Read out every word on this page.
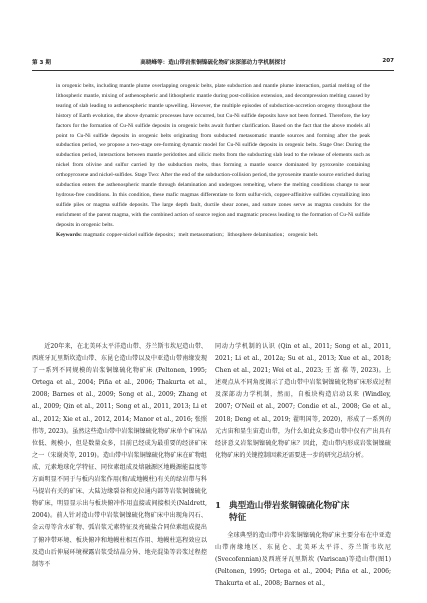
第 3 期	高晓峰等：造山带岩浆铜镍硫化物矿床深部动力学机制探讨	207
in orogenic belts, including mantle plume overlapping orogenic belts, plate subduction and mantle plume interaction, partial melting of the lithospheric mantle, mixing of asthenospheric and lithospheric mantle during post-collision extension, and decompression melting caused by tearing of slab leading to asthenospheric mantle upwelling. However, the multiple episodes of subduction-accretion orogeny throughout the history of Earth evolution, the above dynamic processes have occurred, but Cu-Ni sulfide deposits have not been formed. Therefore, the key factors for the formation of Cu-Ni sulfide deposits in orogenic belts await further clarification. Based on the fact that the above models all point to Cu-Ni sulfide deposits in orogenic belts originating from subducted metasomatic mantle sources and forming after the peak subduction period, we propose a two-stage ore-forming dynamic model for Cu-Ni sulfide deposits in orogenic belts. Stage One: During the subduction period, interactions between mantle peridotites and silicic melts from the subducting slab lead to the release of elements such as nickel from olivine and sulfur carried by the subduction melts, thus forming a mantle source dominated by pyroxenite containing orthopyroxene and nickel-sulfides. Stage Two: After the end of the subduction-collision period, the pyroxenite mantle source enriched during subduction enters the asthenospheric mantle through delamination and undergoes remelting, where the melting conditions change to near hydrous-free conditions. In this condition, these mafic magmas differentiate to form sulfur-rich, copper-affinitive sulfides crystallizing into sulfide piles or magma sulfide deposits. The large depth fault, ductile shear zones, and suture zones serve as magma conduits for the enrichment of the parent magma, with the combined action of source region and magmatic process leading to the formation of Cu-Ni sulfide deposits in orogenic belts.
Keywords: magmatic copper-nickel sulfide deposits；melt metasomatism；lithosphere delamination；orogenic belt.

近20年来，在北美环太平洋造山带、芬兰斯韦坎尼造山带、西班牙瓦里斯坎造山带、东昆仑造山带以及中亚造山带南缘发现了一系列不同规模的岩浆铜镍硫化物矿床 (Peltonen, 1995; Ortega et al., 2004; Piña et al., 2006; Thakurta et al., 2008; Barnes et al., 2009; Song et al., 2009; Zhang et al., 2009; Qin et al., 2011; Song et al., 2011, 2013; Li et al., 2012; Xie et al., 2012, 2014; Manor et al., 2016; 张照伟等, 2023)。虽然这些造山带中岩浆铜镍硫化物矿床单个矿床品位低、规模小，但是数量众多，目前已经成为最重要的经济矿床之一（宋谢炎等, 2019)。造山带中岩浆铜镍硫化物矿床在矿物组成、元素地球化学特征、同位素组成及熔融源区地幔源能温度等方面明显不同于与板内岩浆作用(和/或地幔柱)有关的绿岩带与科马提岩有关的矿床、大陆边缘裂谷和克拉通内部等岩浆铜镍硫化物矿床，明显显示出与板块俯冲作用直接或间接相关(Naldrett, 2004)。前人针对造山带中岩浆铜镍硫化物矿床中出现角闪石、金云母等含水矿物、弧岩浆元素特征及亮硫盐合同位素组成提出了俯冲带环境、板块俯冲和地幔柱相互作用、地幔柱巡程效应以及造山后伸展环境裸露岩浆受结晶分异、地壳混染等岩浆过程控制等不

同动力学机制的认识 (Qin et al., 2011; Song et al., 2011, 2021; Li et al., 2012a; Su et al., 2013; Xue et al., 2018; Chen et al., 2021; Wei et al., 2023; 王 富 葆 等, 2023)。上述观点从不同角度揭示了造山带中岩浆铜镍硫化物矿床形成过程及深部动力学机制，然而，自板块构造启动以来 (Windley, 2007; O'Neil et al., 2007; Condie et al., 2008; Ge et al., 2018; Deng et al., 2019; 翟明国等, 2020)，形成了一系列的元古宙和显生宙造山带，为什么如此众多造山带中仅有产出具有经济意义岩浆铜镍硫化物矿床？因此，造山带内形成岩浆铜镍硫化物矿床的关键控制因素还需要进一步的研究总结分析。

1 典型造山带岩浆铜镍硫化物矿床
特征

全球典型的造山带中岩浆铜镍硫化物矿床主要分布在中亚造山带南缘地区、东昆仑、北美环太平洋、芬兰斯韦坎尼 (Svecofennian)及西班牙瓦里斯坎 (Variscan)等造山带(图1)(Peltonen, 1995; Ortega et al., 2004; Piña et al., 2006; Thakurta et al., 2008; Barnes et al.,
